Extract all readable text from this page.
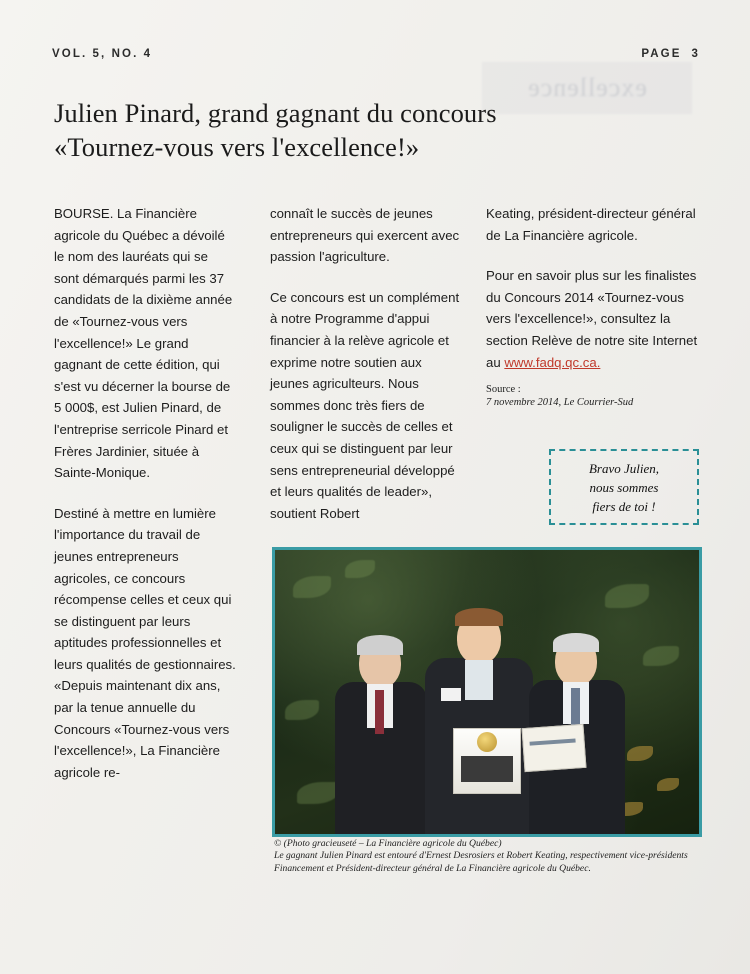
excellence
VOL. 5, NO. 4	PAGE 3
Julien Pinard, grand gagnant du concours
«Tournez-vous vers l'excellence!»

BOURSE. La Financière agricole du Québec a dévoilé le nom des lauréats qui se sont démarqués parmi les 37 candidats de la dixième année de «Tournez-vous vers l'excellence!» Le grand gagnant de cette édition, qui s'est vu décerner la bourse de 5 000$, est Julien Pinard, de l'entreprise serricole Pinard et Frères Jardinier, située à Sainte-Monique.

Destiné à mettre en lumière l'importance du travail de jeunes entrepreneurs agricoles, ce concours récompense celles et ceux qui se distinguent par leurs aptitudes professionnelles et leurs qualités de gestionnaires. «Depuis maintenant dix ans, par la tenue annuelle du Concours «Tournez-vous vers l'excellence!», La Financière agricole re-

connaît le succès de jeunes entrepreneurs qui exercent avec passion l'agriculture.

Ce concours est un complément à notre Programme d'appui financier à la relève agricole et exprime notre soutien aux jeunes agriculteurs. Nous sommes donc très fiers de souligner le succès de celles et ceux qui se distinguent par leur sens entrepreneurial développé et leurs qualités de leader», soutient Robert

Keating, président-directeur général de La Financière agricole.

Pour en savoir plus sur les finalistes du Concours 2014 «Tournez-vous vers l'excellence!», consultez la section Relève de notre site Internet au www.fadq.qc.ca.

Source :
7 novembre 2014, Le Courrier-Sud
Bravo Julien,
nous sommes
fiers de toi !
© (Photo gracieuseté – La Financière agricole du Québec)
Le gagnant Julien Pinard est entouré d'Ernest Desrosiers et Robert Keating, respectivement vice-présidents Financement et Président-directeur général de La Financière agricole du Québec.
